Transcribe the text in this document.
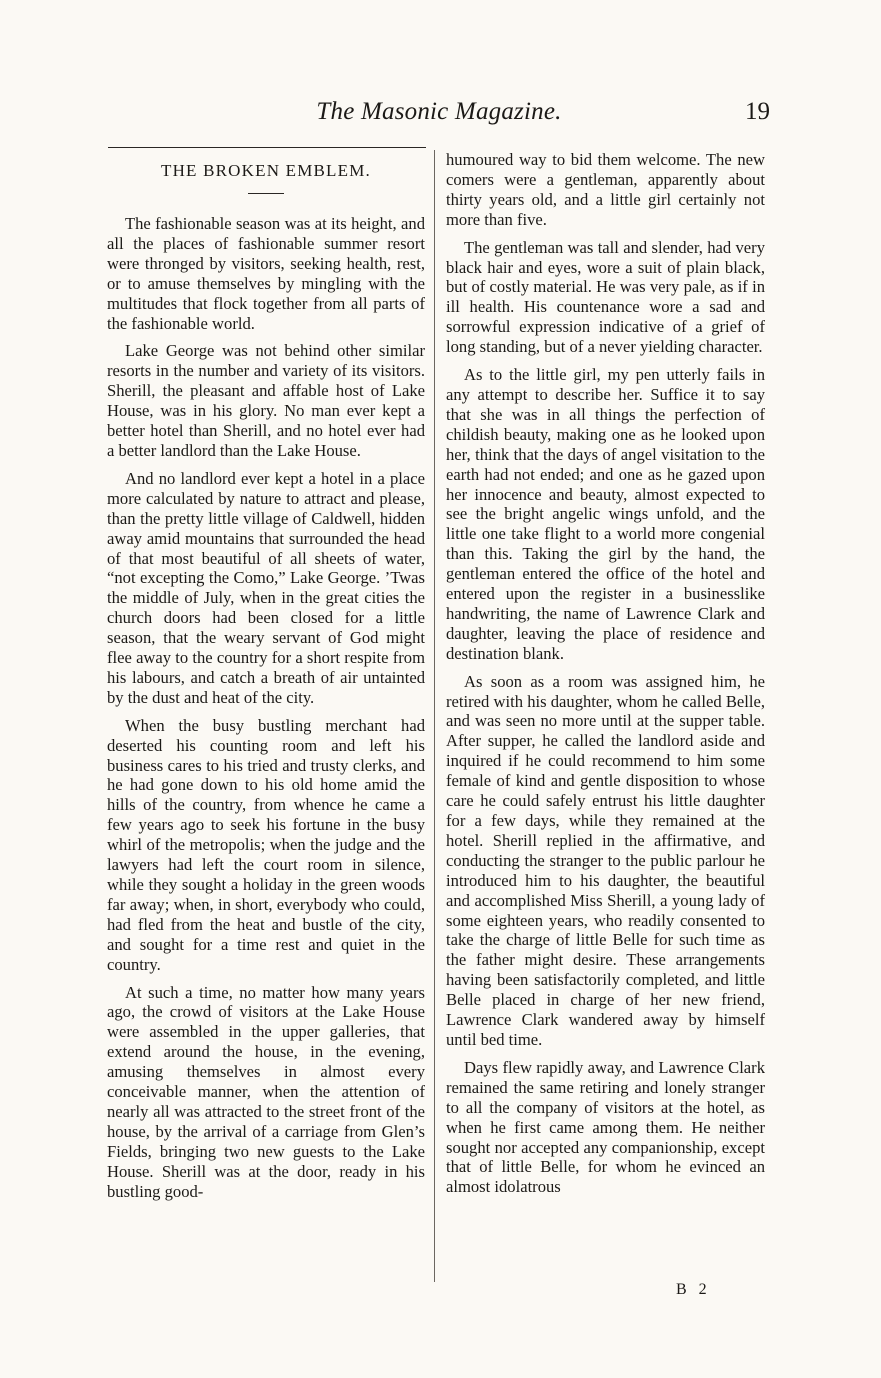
The Masonic Magazine.	19
THE BROKEN EMBLEM.

The fashionable season was at its height, and all the places of fashionable summer resort were thronged by visitors, seeking health, rest, or to amuse themselves by mingling with the multitudes that flock together from all parts of the fashionable world.

Lake George was not behind other similar resorts in the number and variety of its visitors. Sherill, the pleasant and affable host of Lake House, was in his glory. No man ever kept a better hotel than Sherill, and no hotel ever had a better landlord than the Lake House.

And no landlord ever kept a hotel in a place more calculated by nature to attract and please, than the pretty little village of Caldwell, hidden away amid mountains that surrounded the head of that most beautiful of all sheets of water, “not excepting the Como,” Lake George. ’Twas the middle of July, when in the great cities the church doors had been closed for a little season, that the weary servant of God might flee away to the country for a short respite from his labours, and catch a breath of air untainted by the dust and heat of the city.

When the busy bustling merchant had deserted his counting room and left his business cares to his tried and trusty clerks, and he had gone down to his old home amid the hills of the country, from whence he came a few years ago to seek his fortune in the busy whirl of the metropolis; when the judge and the lawyers had left the court room in silence, while they sought a holiday in the green woods far away; when, in short, everybody who could, had fled from the heat and bustle of the city, and sought for a time rest and quiet in the country.

At such a time, no matter how many years ago, the crowd of visitors at the Lake House were assembled in the upper galleries, that extend around the house, in the evening, amusing themselves in almost every conceivable manner, when the attention of nearly all was attracted to the street front of the house, by the arrival of a carriage from Glen’s Fields, bringing two new guests to the Lake House. Sherill was at the door, ready in his bustling good-

humoured way to bid them welcome. The new comers were a gentleman, apparently about thirty years old, and a little girl certainly not more than five.

The gentleman was tall and slender, had very black hair and eyes, wore a suit of plain black, but of costly material. He was very pale, as if in ill health. His countenance wore a sad and sorrowful expression indicative of a grief of long standing, but of a never yielding character.

As to the little girl, my pen utterly fails in any attempt to describe her. Suffice it to say that she was in all things the perfection of childish beauty, making one as he looked upon her, think that the days of angel visitation to the earth had not ended; and one as he gazed upon her innocence and beauty, almost expected to see the bright angelic wings unfold, and the little one take flight to a world more congenial than this. Taking the girl by the hand, the gentleman entered the office of the hotel and entered upon the register in a businesslike handwriting, the name of Lawrence Clark and daughter, leaving the place of residence and destination blank.

As soon as a room was assigned him, he retired with his daughter, whom he called Belle, and was seen no more until at the supper table. After supper, he called the landlord aside and inquired if he could recommend to him some female of kind and gentle disposition to whose care he could safely entrust his little daughter for a few days, while they remained at the hotel. Sherill replied in the affirmative, and conducting the stranger to the public parlour he introduced him to his daughter, the beautiful and accomplished Miss Sherill, a young lady of some eighteen years, who readily consented to take the charge of little Belle for such time as the father might desire. These arrangements having been satisfactorily completed, and little Belle placed in charge of her new friend, Lawrence Clark wandered away by himself until bed time.

Days flew rapidly away, and Lawrence Clark remained the same retiring and lonely stranger to all the company of visitors at the hotel, as when he first came among them. He neither sought nor accepted any companionship, except that of little Belle, for whom he evinced an almost idolatrous

B 2
